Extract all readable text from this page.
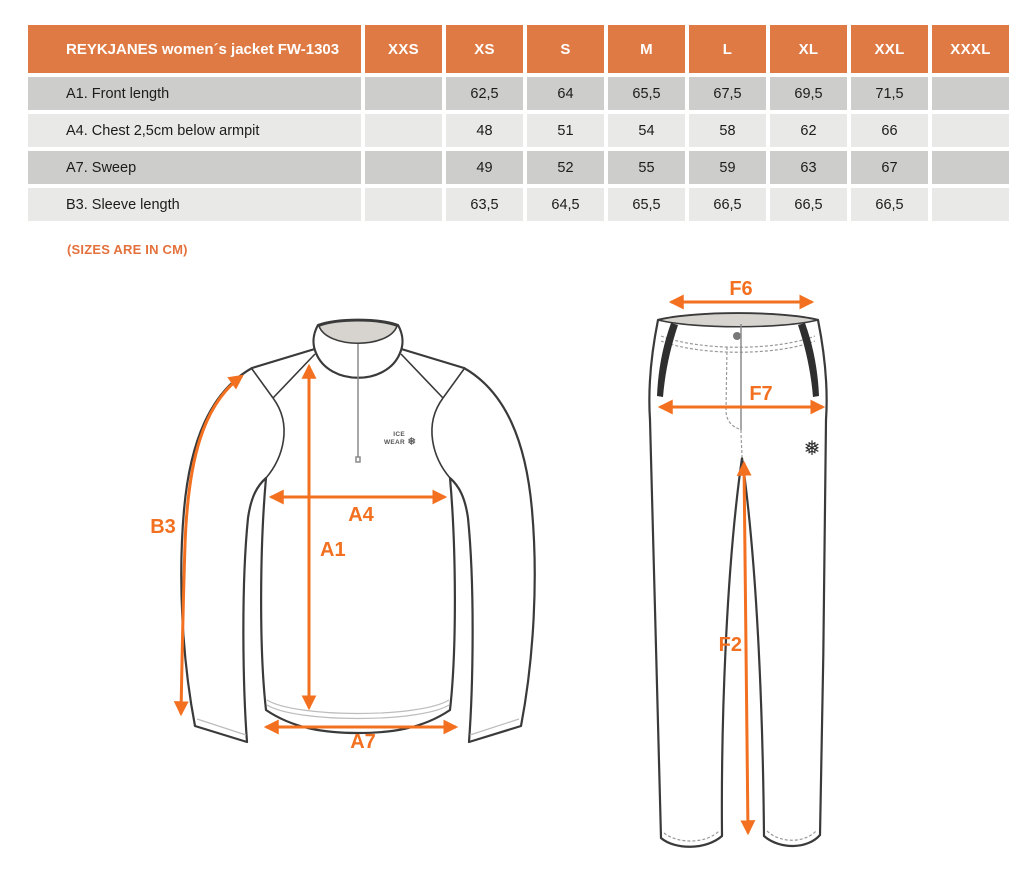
REYKJANES women´s jacket FW-1303	XXS	XS	S	M	L	XL	XXL	XXXL
A1. Front length		62,5	64	65,5	67,5	69,5	71,5	
A4. Chest 2,5cm below armpit		48	51	54	58	62	66	
A7. Sweep		49	52	55	59	63	67	
B3. Sleeve length		63,5	64,5	65,5	66,5	66,5	66,5	
(SIZES ARE IN CM)
ICE
WEAR ❅
B3
A4
A1
A7
❅
F6
F7
F2
